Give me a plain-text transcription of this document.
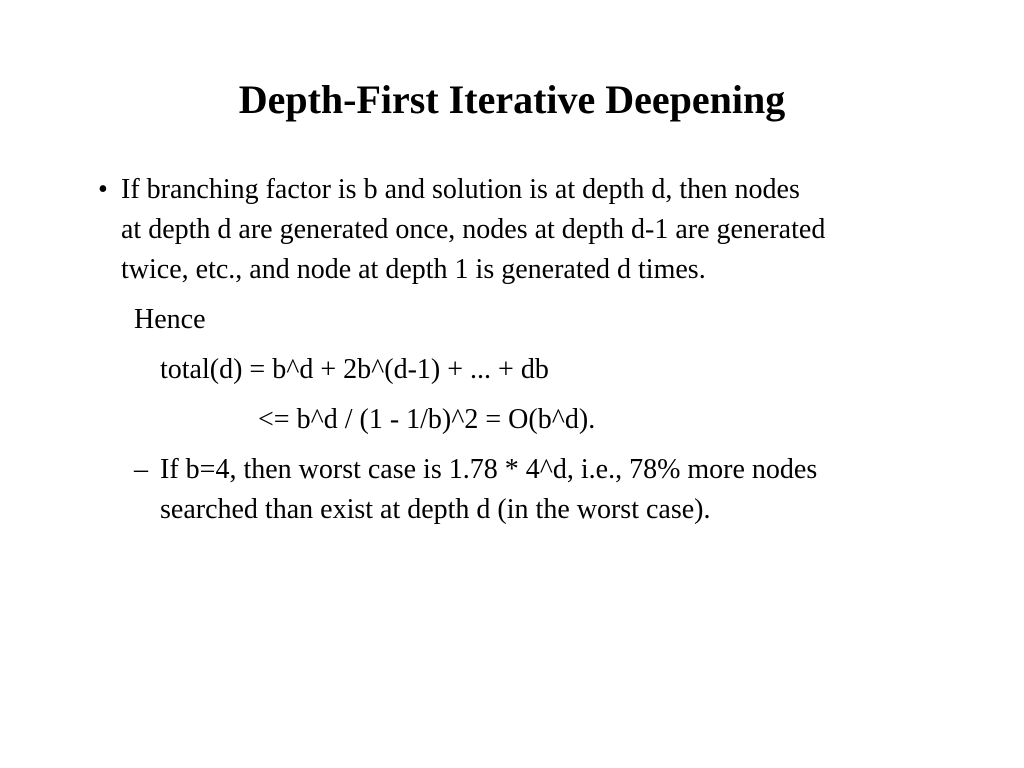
Depth-First Iterative Deepening
• If branching factor is b and solution is at depth d, then nodes
at depth d are generated once, nodes at depth d-1 are generated
twice, etc., and node at depth 1 is generated d times.
Hence
total(d) = b^d + 2b^(d-1) + ... + db
<= b^d / (1 - 1/b)^2 = O(b^d).
– If b=4, then worst case is 1.78 * 4^d, i.e., 78% more nodes
searched than exist at depth d (in the worst case).
